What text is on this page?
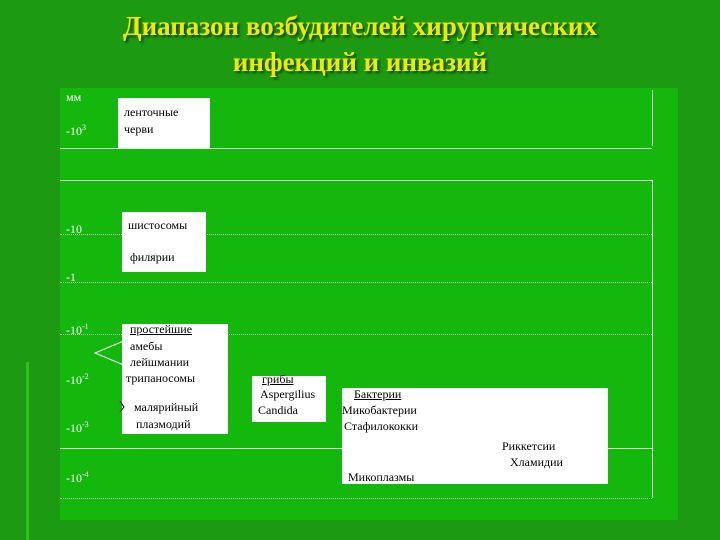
Диапазон возбудителей хирургических
инфекций и инвазий
мм
$-10^3$
-10
-1
$-10^{-1}$
$-10^{-2}$
$-10^{-3}$
$-10^{-4}$
ленточные
черви
шистосомы
филярии
простейшие
амебы
лейшмании
трипаносомы
малярийный
плазмодий
грибы
Aspergilius
Candida
Бактерии
Микобактерии
Стафилококки
Риккетсии
Хламидии
Микоплазмы
